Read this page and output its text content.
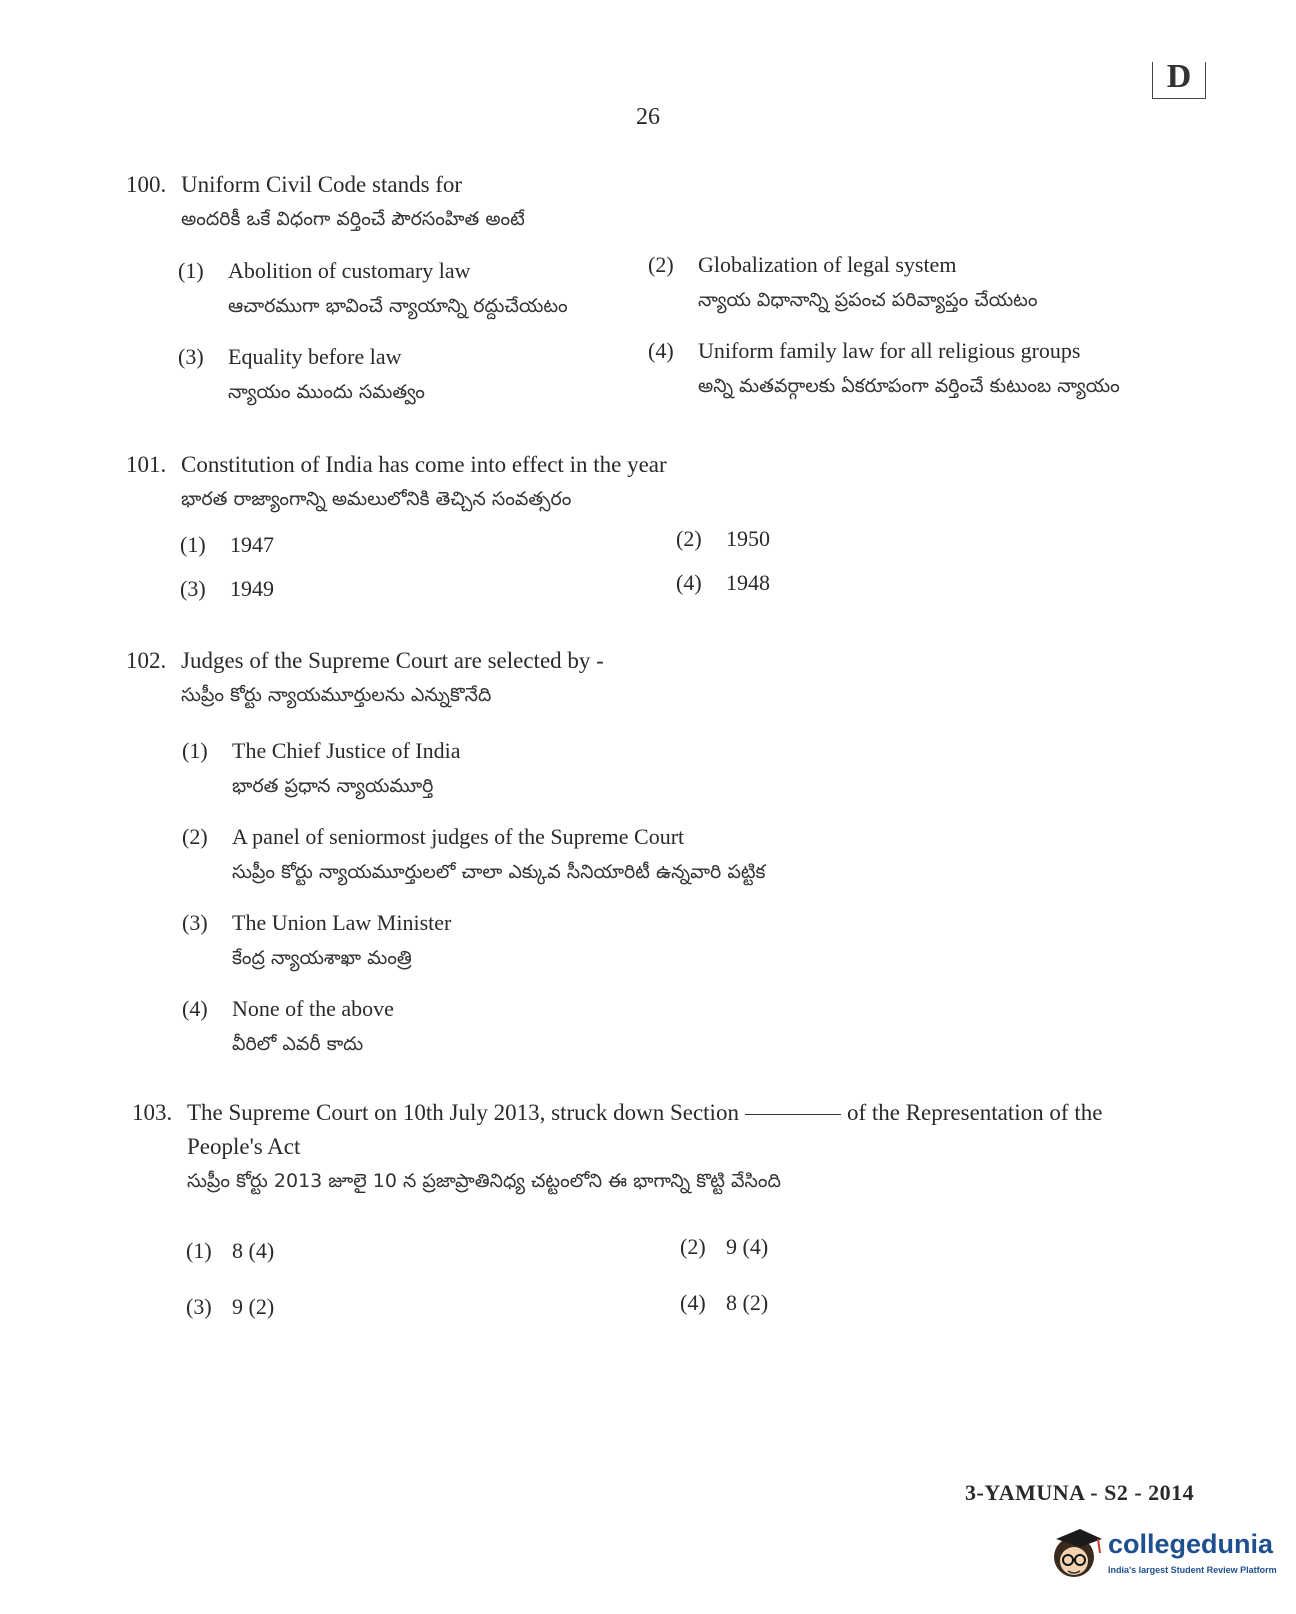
D
26
100. Uniform Civil Code stands for
అందరికీ ఒకే విధంగా వర్తించే పౌరసంహిత అంటే
(1) Abolition of customary law
ఆచారముగా భావించే న్యాయాన్ని రద్దుచేయటం
(2) Globalization of legal system
న్యాయ విధానాన్ని ప్రపంచ పరివ్యాప్తం చేయటం
(3) Equality before law
న్యాయం ముందు సమత్వం
(4) Uniform family law for all religious groups
అన్ని మతవర్గాలకు ఏకరూపంగా వర్తించే కుటుంబ న్యాయం
101. Constitution of India has come into effect in the year
భారత రాజ్యాంగాన్ని అమలులోనికి తెచ్చిన సంవత్సరం
(1) 1947	(2) 1950
(3) 1949	(4) 1948
102. Judges of the Supreme Court are selected by -
సుప్రీం కోర్టు న్యాయమూర్తులను ఎన్నుకొనేది
(1) The Chief Justice of India
భారత ప్రధాన న్యాయమూర్తి
(2) A panel of seniormost judges of the Supreme Court
సుప్రీం కోర్టు న్యాయమూర్తులలో చాలా ఎక్కువ సీనియారిటీ ఉన్నవారి పట్టిక
(3) The Union Law Minister
కేంద్ర న్యాయశాఖా మంత్రి
(4) None of the above
వీరిలో ఎవరీ కాదు
103. The Supreme Court on 10th July 2013, struck down Section	of the Representation of the
People's Act
సుప్రీం కోర్టు 2013 జూలై 10 న ప్రజాప్రాతినిధ్య చట్టంలోని ఈ భాగాన్ని కొట్టి వేసింది
(1) 8 (4)	(2) 9 (4)
(3) 9 (2)	(4) 8 (2)
3-YAMUNA - S2 - 2014
collegedunia
India's largest Student Review Platform
